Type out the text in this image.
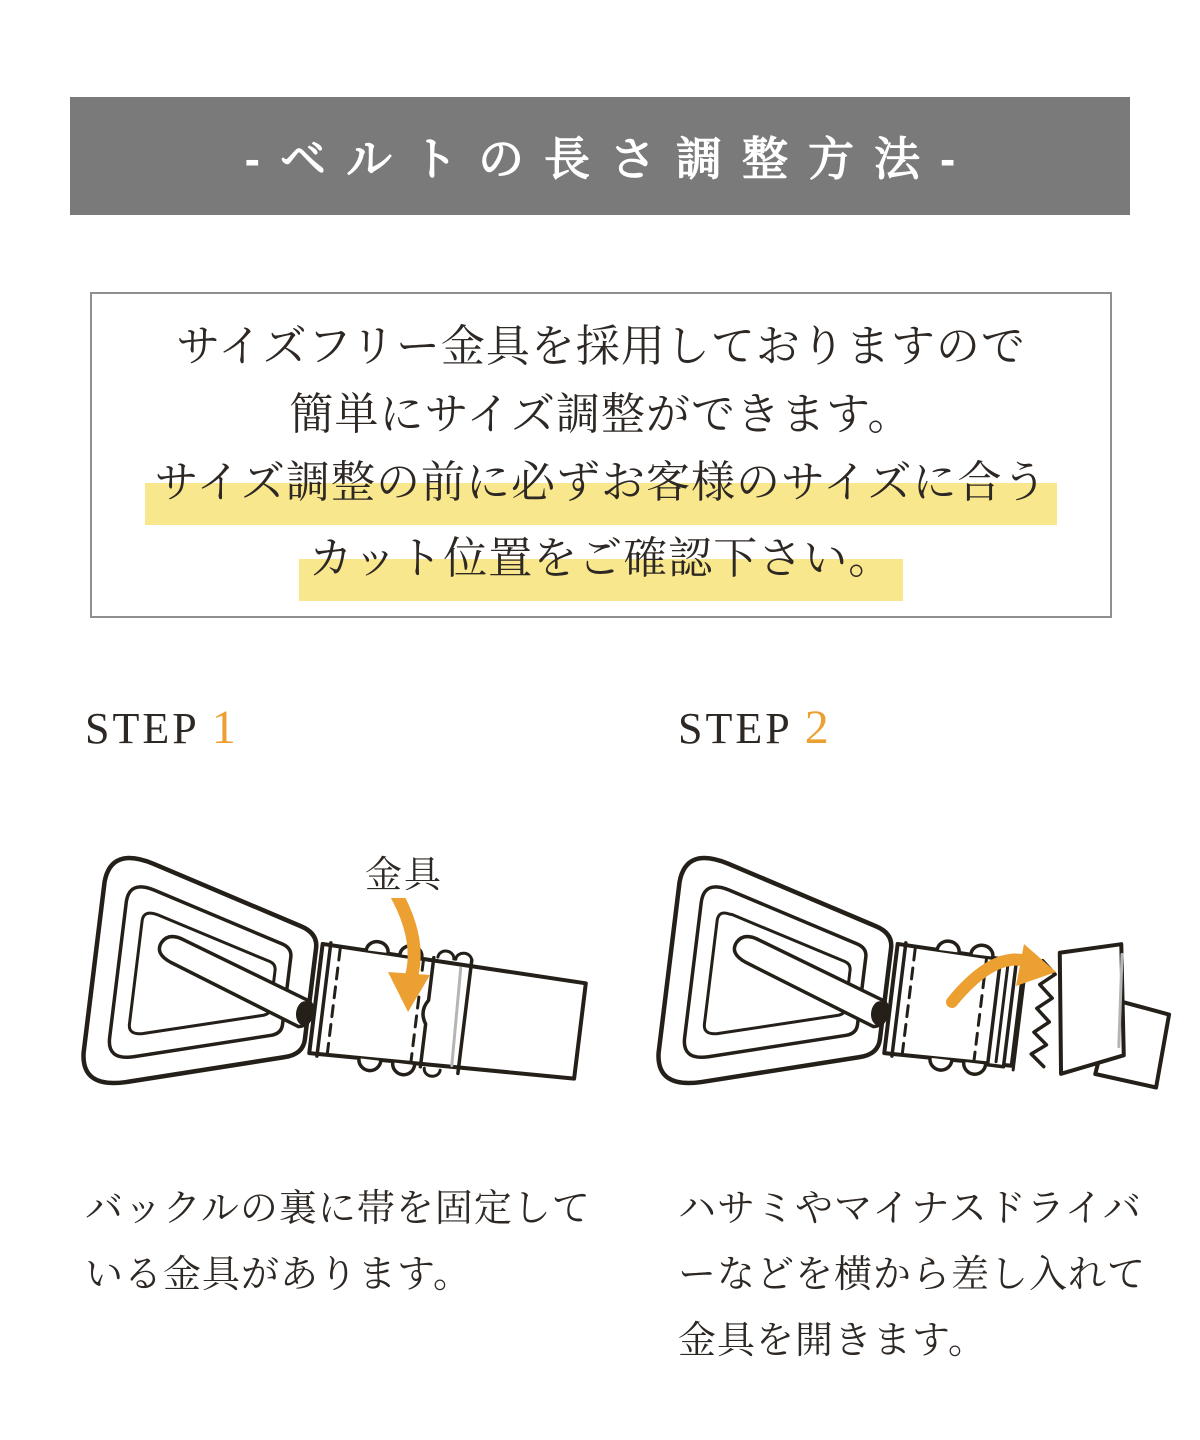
-ベルトの長さ調整方法-

サイズフリー金具を採用しておりますので

簡単にサイズ調整ができます。

サイズ調整の前に必ずお客様のサイズに合う

カット位置をご確認下さい。

STEP 1
金具

バックルの裏に帯を固定して
いる金具があります。

STEP 2

ハサミやマイナスドライバ
ーなどを横から差し入れて
金具を開きます。
